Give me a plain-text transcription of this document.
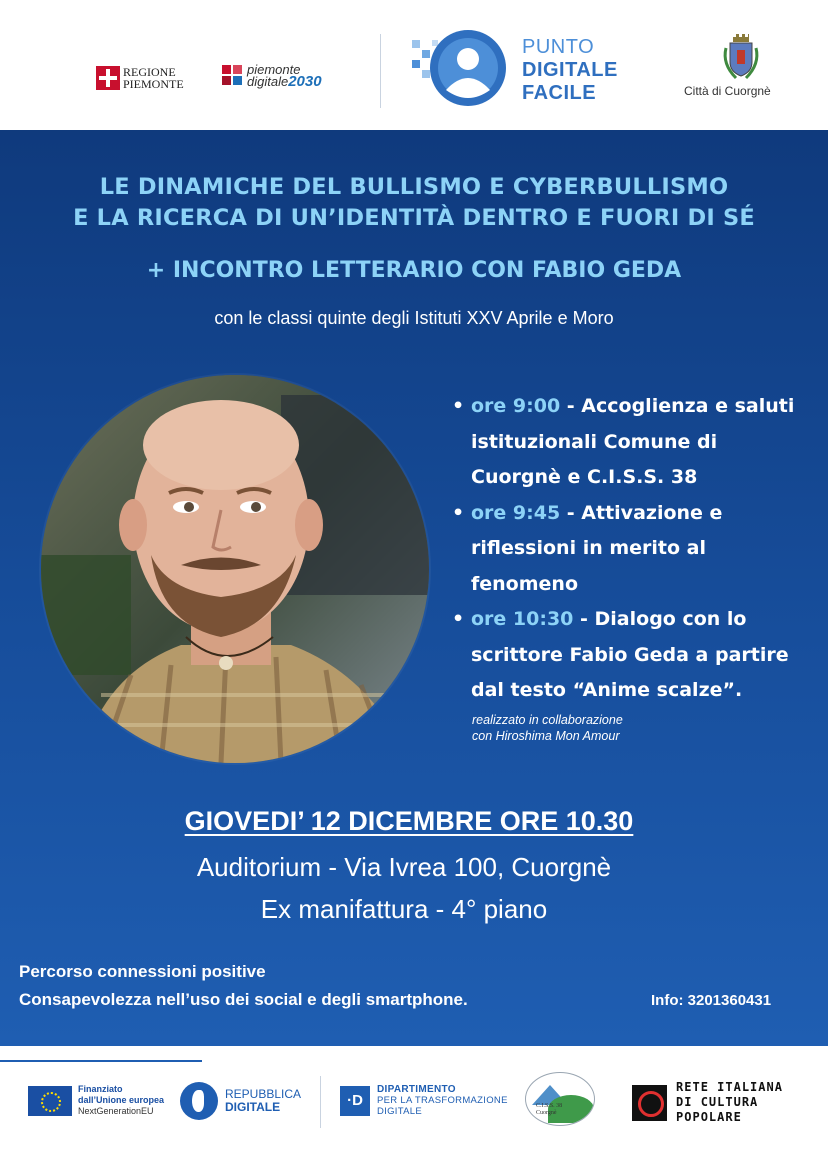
REGIONE PIEMONTE
piemonte
digitale2030
PUNTO
DIGITALE
FACILE	Città di Cuorgnè
LE DINAMICHE DEL BULLISMO E CYBERBULLISMO
E LA RICERCA DI UN’IDENTITÀ DENTRO E FUORI DI SÉ
+ INCONTRO LETTERARIO CON FABIO GEDA
con le classi quinte degli Istituti XXV Aprile e Moro
• ore 9:00 - Accoglienza e saluti istituzionali Comune di Cuorgnè e C.I.S.S. 38
• ore 9:45 - Attivazione e riflessioni in merito al fenomeno
• ore 10:30 - Dialogo con lo scrittore Fabio Geda a partire dal testo “Anime scalze”.
realizzato in collaborazione
con Hiroshima Mon Amour
GIOVEDI’ 12 DICEMBRE ORE 10.30
Auditorium - Via Ivrea 100, Cuorgnè
Ex manifattura - 4° piano
Percorso connessioni positive
Consapevolezza nell’uso dei social e degli smartphone.	Info: 3201360431
Finanziato
dall’Unione europea
NextGenerationEU
REPUBBLICA
DIGITALE	·D
DIPARTIMENTO
PER LA TRASFORMAZIONE
DIGITALE	C.I.S.S. 38
Cuorgnè
RETE ITALIANA
DI CULTURA POPOLARE
